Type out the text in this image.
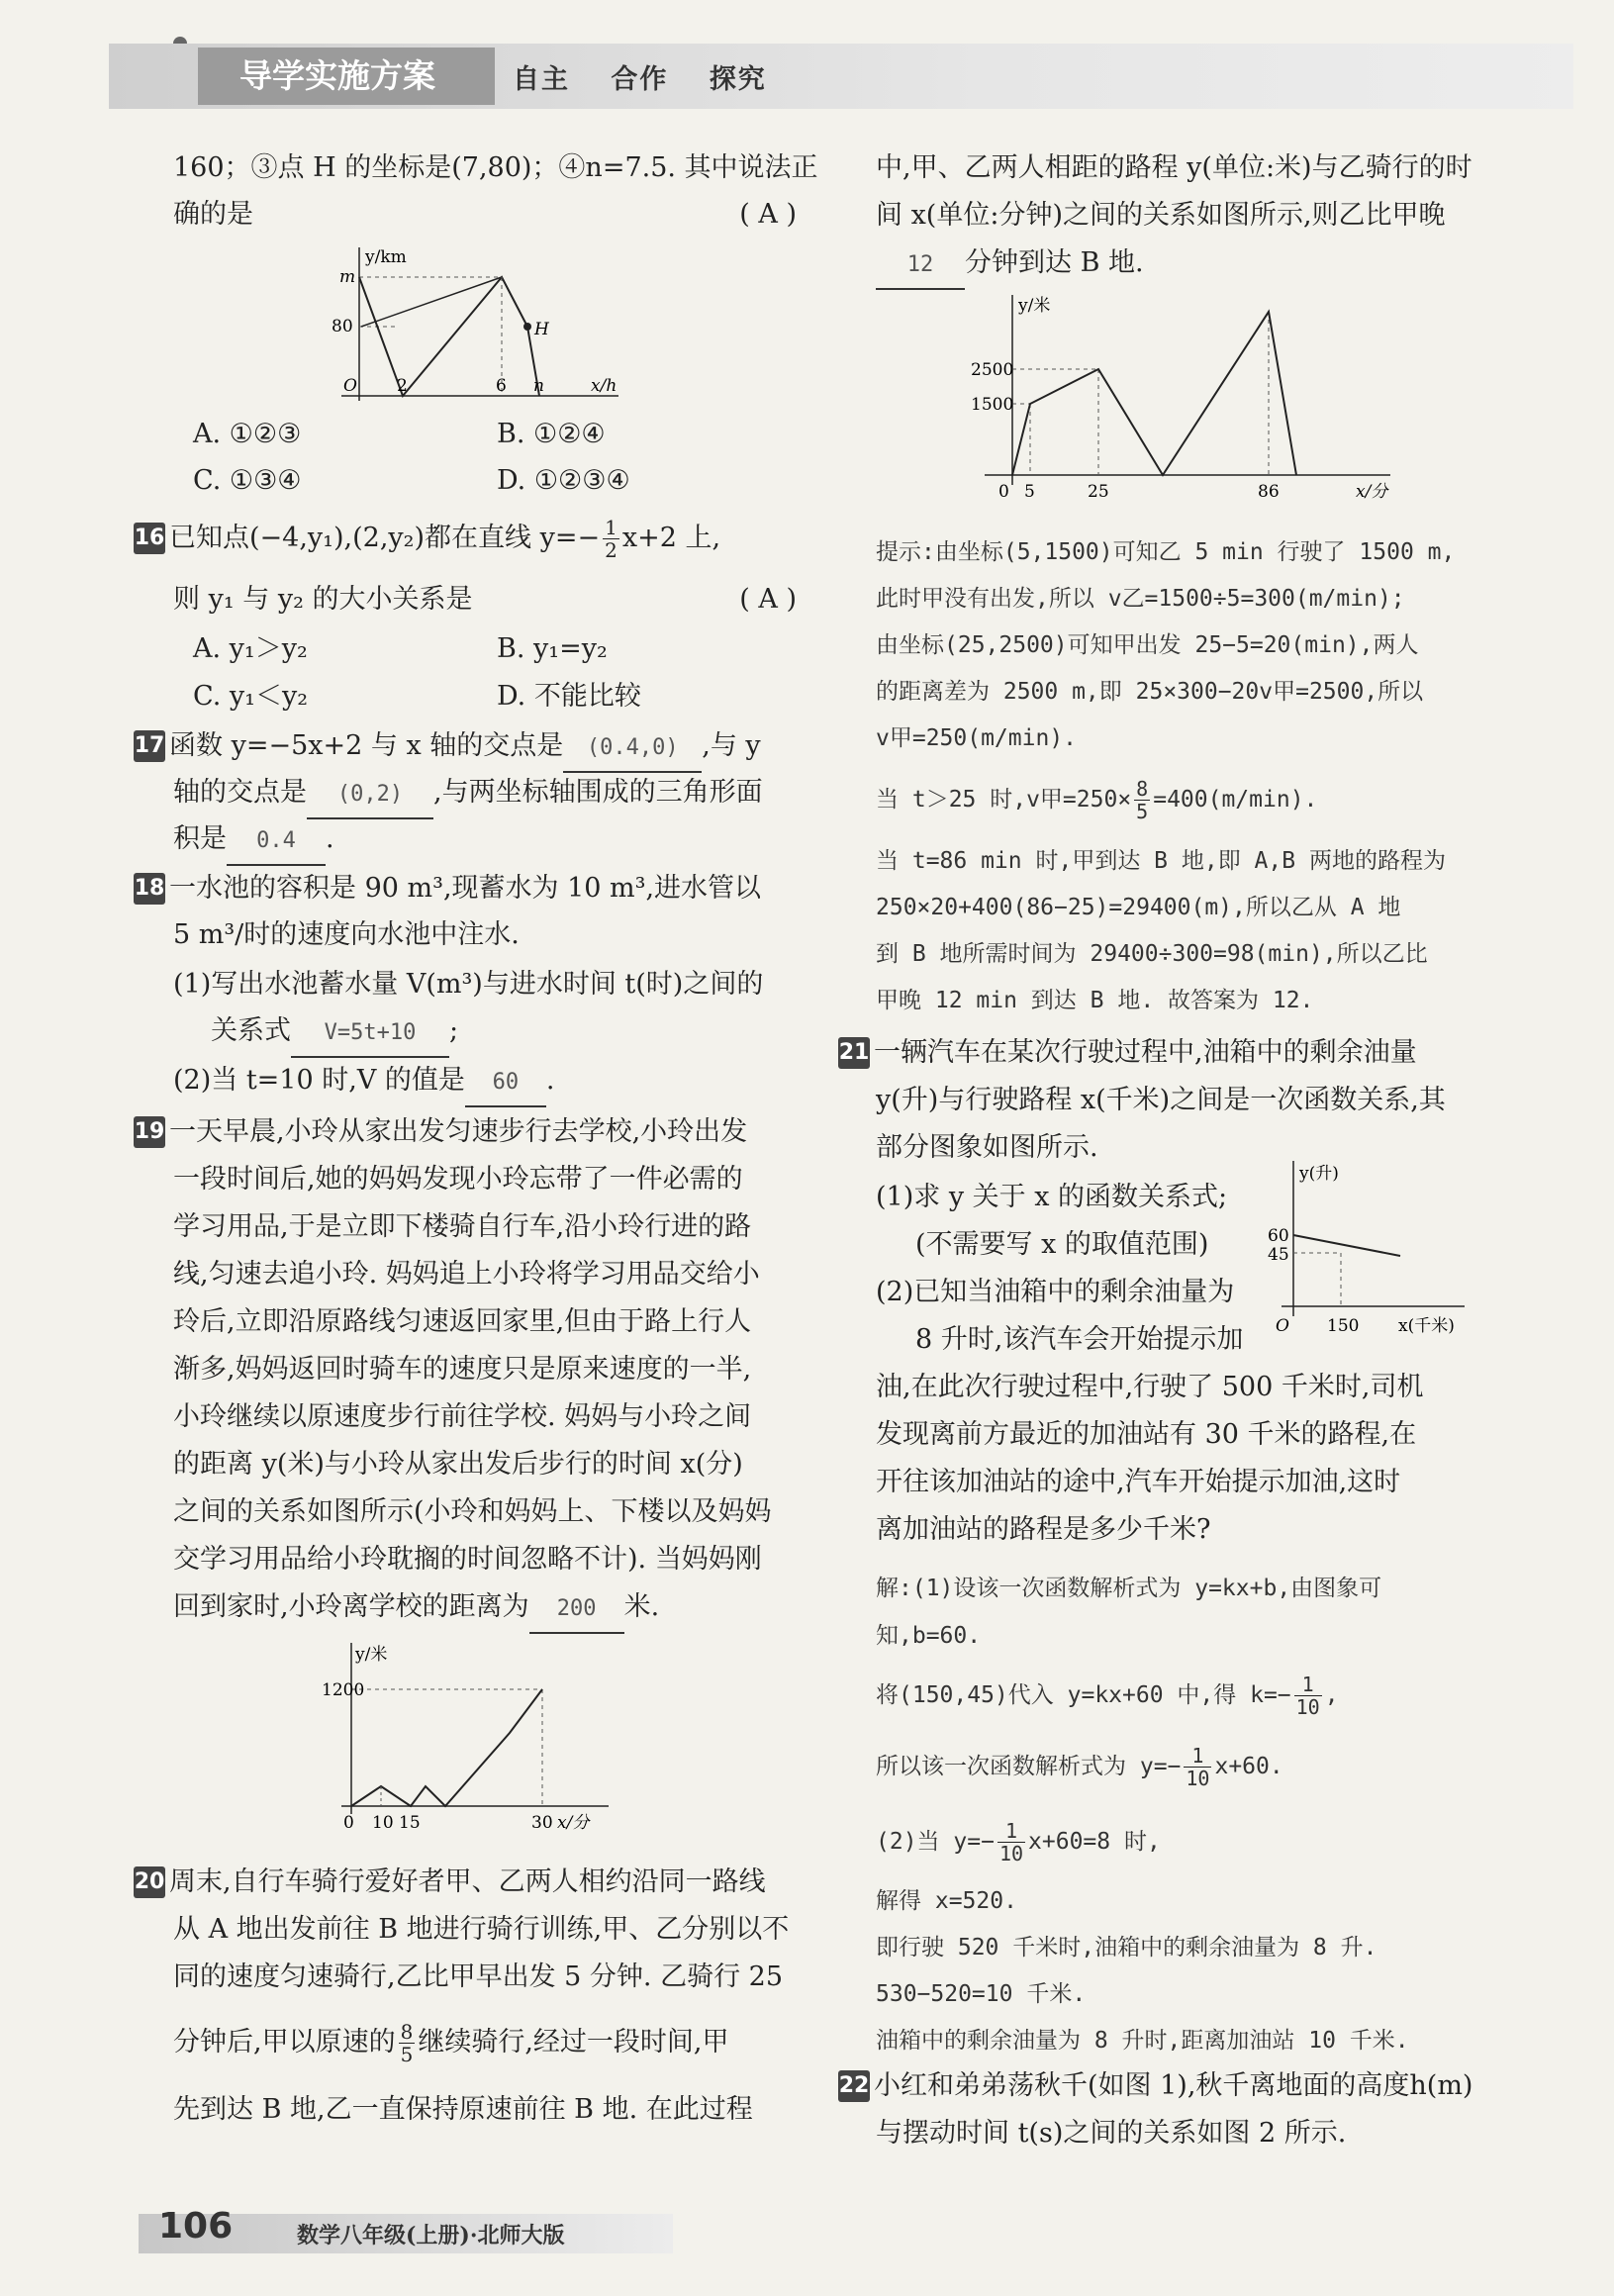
导学实施方案	自主 合作 探究
160；③点 H 的坐标是(7,80)；④n=7.5. 其中说法正
确的是	( A )
y/km
x/h
m
80
O 2	6 n
H
A. ①②③	B. ①②④
C. ①③④	D. ①②③④
16 已知点(−4,y₁),(2,y₂)都在直线 $y=- \frac{1}{2} x+2$ 上,
则 y₁ 与 y₂ 的大小关系是	( A )
A. y₁＞y₂	B. y₁=y₂
C. y₁＜y₂	D. 不能比较
17 函数 y=−5x+2 与 x 轴的交点是 (0.4,0) ,与 y
轴的交点是 (0,2) ,与两坐标轴围成的三角形面
积是 0.4 .
18 一水池的容积是 90 m³,现蓄水为 10 m³,进水管以
5 m³/时的速度向水池中注水.
(1)写出水池蓄水量 V(m³)与进水时间 t(时)之间的
关系式 V=5t+10 ;
(2)当 t=10 时,V 的值是 60 .
19 一天早晨,小玲从家出发匀速步行去学校,小玲出发
一段时间后,她的妈妈发现小玲忘带了一件必需的
学习用品,于是立即下楼骑自行车,沿小玲行进的路
线,匀速去追小玲. 妈妈追上小玲将学习用品交给小
玲后,立即沿原路线匀速返回家里,但由于路上行人
渐多,妈妈返回时骑车的速度只是原来速度的一半,
小玲继续以原速度步行前往学校. 妈妈与小玲之间
的距离 y(米)与小玲从家出发后步行的时间 x(分)
之间的关系如图所示(小玲和妈妈上、下楼以及妈妈
交学习用品给小玲耽搁的时间忽略不计). 当妈妈刚
回到家时,小玲离学校的距离为 200 米.
y/米
1200
0 10 15	30 x/分
20 周末,自行车骑行爱好者甲、乙两人相约沿同一路线
从 A 地出发前往 B 地进行骑行训练,甲、乙分别以不
同的速度匀速骑行,乙比甲早出发 5 分钟. 乙骑行 25
分钟后,甲以原速的 $\frac{8}{5}$ 继续骑行,经过一段时间,甲
先到达 B 地,乙一直保持原速前往 B 地. 在此过程
中,甲、乙两人相距的路程 y(单位:米)与乙骑行的时
间 x(单位:分钟)之间的关系如图所示,则乙比甲晚
12 分钟到达 B 地.
y/米
2500
1500
0 5	25	86	x/分
提示:由坐标(5,1500)可知乙 5 min 行驶了 1500 m,
此时甲没有出发,所以 v乙=1500÷5=300(m/min);
由坐标(25,2500)可知甲出发 25−5=20(min),两人
的距离差为 2500 m,即 25×300−20v甲=2500,所以
v甲=250(m/min).
当 t＞25 时,v甲$=250\times \frac{8}{5} =400(m/\min)$.
当 t=86 min 时,甲到达 B 地,即 A,B 两地的路程为
250×20+400(86−25)=29400(m),所以乙从 A 地
到 B 地所需时间为 29400÷300=98(min),所以乙比
甲晚 12 min 到达 B 地. 故答案为 12.
21 一辆汽车在某次行驶过程中,油箱中的剩余油量
y(升)与行驶路程 x(千米)之间是一次函数关系,其
部分图象如图所示.
(1)求 y 关于 x 的函数关系式;
(不需要写 x 的取值范围)
(2)已知当油箱中的剩余油量为
8 升时,该汽车会开始提示加
y(升)
60
45
O 150 x(千米)
油,在此次行驶过程中,行驶了 500 千米时,司机
发现离前方最近的加油站有 30 千米的路程,在
开往该加油站的途中,汽车开始提示加油,这时
离加油站的路程是多少千米?
解:(1)设该一次函数解析式为 y=kx+b,由图象可
知,b=60.
将(150,45)代入 y=kx+60 中,得 $k=- \frac{1}{10}$ ,
所以该一次函数解析式为 $y=- \frac{1}{10} x+60$.
(2)当 $y=- \frac{1}{10} x+60=8$ 时,
解得 x=520.
即行驶 520 千米时,油箱中的剩余油量为 8 升.
530−520=10 千米.
油箱中的剩余油量为 8 升时,距离加油站 10 千米.
22 小红和弟弟荡秋千(如图 1),秋千离地面的高度h(m)
与摆动时间 t(s)之间的关系如图 2 所示.
106	数学八年级(上册)·北师大版
